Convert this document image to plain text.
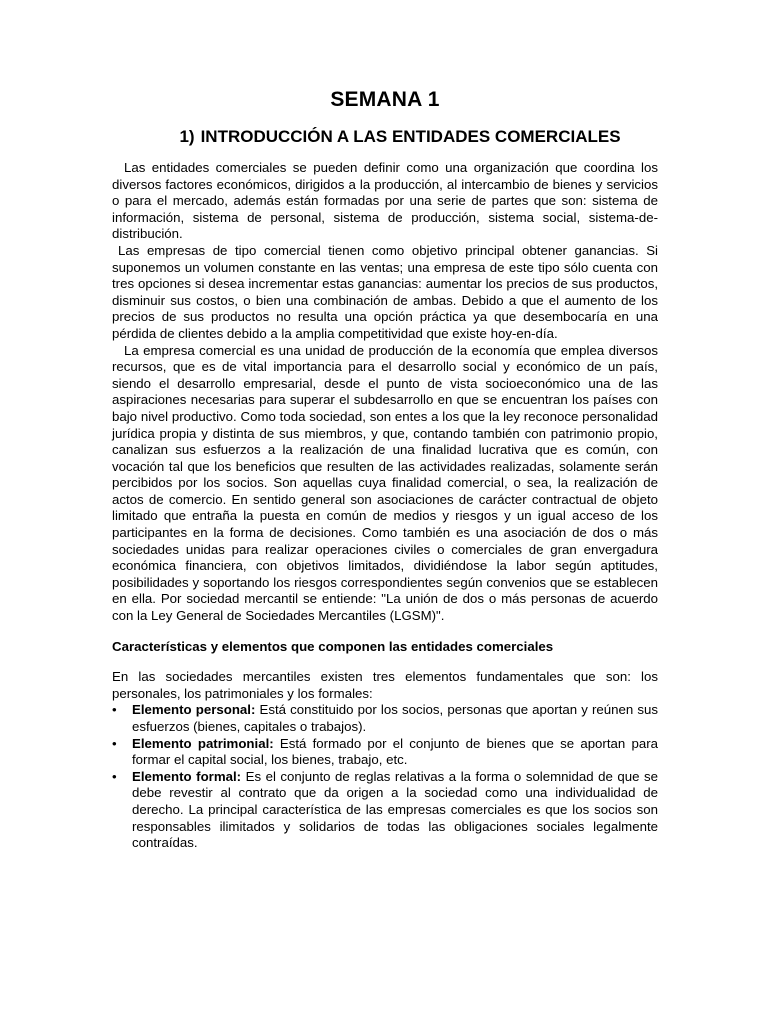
SEMANA 1
1) INTRODUCCIÓN A LAS ENTIDADES COMERCIALES

Las entidades comerciales se pueden definir como una organización que coordina los diversos factores económicos, dirigidos a la producción, al intercambio de bienes y servicios o para el mercado, además están formadas por una serie de partes que son: sistema de información, sistema de personal, sistema de producción, sistema social, sistema-de-distribución.

Las empresas de tipo comercial tienen como objetivo principal obtener ganancias. Si suponemos un volumen constante en las ventas; una empresa de este tipo sólo cuenta con tres opciones si desea incrementar estas ganancias: aumentar los precios de sus productos, disminuir sus costos, o bien una combinación de ambas. Debido a que el aumento de los precios de sus productos no resulta una opción práctica ya que desembocaría en una pérdida de clientes debido a la amplia competitividad que existe hoy-en-día.

La empresa comercial es una unidad de producción de la economía que emplea diversos recursos, que es de vital importancia para el desarrollo social y económico de un país, siendo el desarrollo empresarial, desde el punto de vista socioeconómico una de las aspiraciones necesarias para superar el subdesarrollo en que se encuentran los países con bajo nivel productivo. Como toda sociedad, son entes a los que la ley reconoce personalidad jurídica propia y distinta de sus miembros, y que, contando también con patrimonio propio, canalizan sus esfuerzos a la realización de una finalidad lucrativa que es común, con vocación tal que los beneficios que resulten de las actividades realizadas, solamente serán percibidos por los socios. Son aquellas cuya finalidad comercial, o sea, la realización de actos de comercio. En sentido general son asociaciones de carácter contractual de objeto limitado que entraña la puesta en común de medios y riesgos y un igual acceso de los participantes en la forma de decisiones. Como también es una asociación de dos o más sociedades unidas para realizar operaciones civiles o comerciales de gran envergadura económica financiera, con objetivos limitados, dividiéndose la labor según aptitudes, posibilidades y soportando los riesgos correspondientes según convenios que se establecen en ella. Por sociedad mercantil se entiende: "La unión de dos o más personas de acuerdo con la Ley General de Sociedades Mercantiles (LGSM)".

Características y elementos que componen las entidades comerciales

En las sociedades mercantiles existen tres elementos fundamentales que son: los personales, los patrimoniales y los formales:

•	Elemento personal: Está constituido por los socios, personas que aportan y reúnen sus esfuerzos (bienes, capitales o trabajos).
•	Elemento patrimonial: Está formado por el conjunto de bienes que se aportan para formar el capital social, los bienes, trabajo, etc.
•	Elemento formal: Es el conjunto de reglas relativas a la forma o solemnidad de que se debe revestir al contrato que da origen a la sociedad como una individualidad de derecho. La principal característica de las empresas comerciales es que los socios son responsables ilimitados y solidarios de todas las obligaciones sociales legalmente contraídas.
